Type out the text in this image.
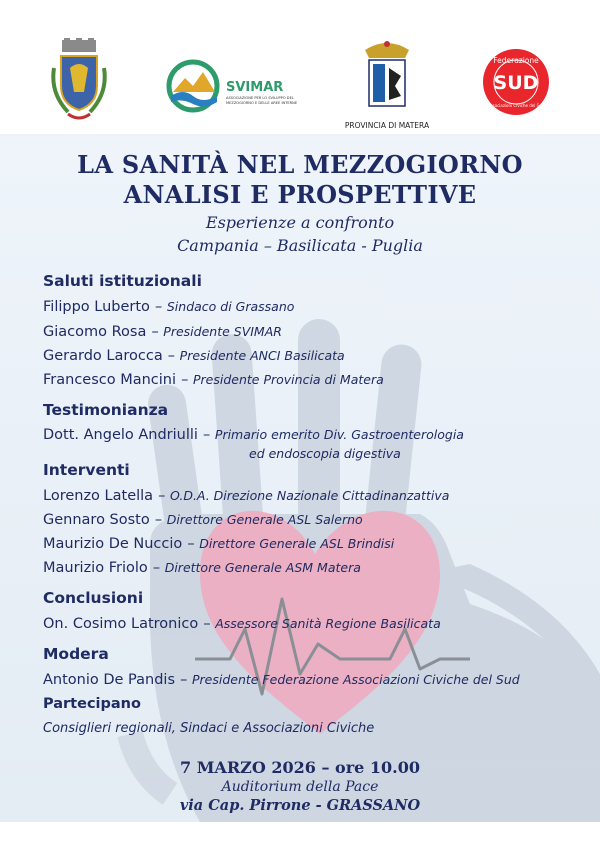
SVIMAR
ASSOCIAZIONE PER LO SVILUPPO DEL MEZZOGIORNO E DELLE AREE INTERNE
PROVINCIA DI MATERA
Federazione
SUD
Associazioni Civiche del Sud
LA SANITÀ NEL MEZZOGIORNO
ANALISI E PROSPETTIVE
Esperienze a confronto
Campania – Basilicata - Puglia
Saluti istituzionali
Filippo Luberto – Sindaco di Grassano
Giacomo Rosa – Presidente SVIMAR
Gerardo Larocca – Presidente ANCI Basilicata
Francesco Mancini – Presidente Provincia di Matera
Testimonianza
Dott. Angelo Andriulli – Primario emerito Div. Gastroenterologia
ed endoscopia digestiva
Interventi
Lorenzo Latella – O.D.A. Direzione Nazionale Cittadinanzattiva
Gennaro Sosto – Direttore Generale ASL Salerno
Maurizio De Nuccio – Direttore Generale ASL Brindisi
Maurizio Friolo – Direttore Generale ASM Matera
Conclusioni
On. Cosimo Latronico – Assessore Sanità Regione Basilicata
Modera
Antonio De Pandis – Presidente Federazione Associazioni Civiche del Sud
Partecipano
Consiglieri regionali, Sindaci e Associazioni Civiche
7 MARZO 2026 – ore 10.00
Auditorium della Pace
via Cap. Pirrone - GRASSANO
